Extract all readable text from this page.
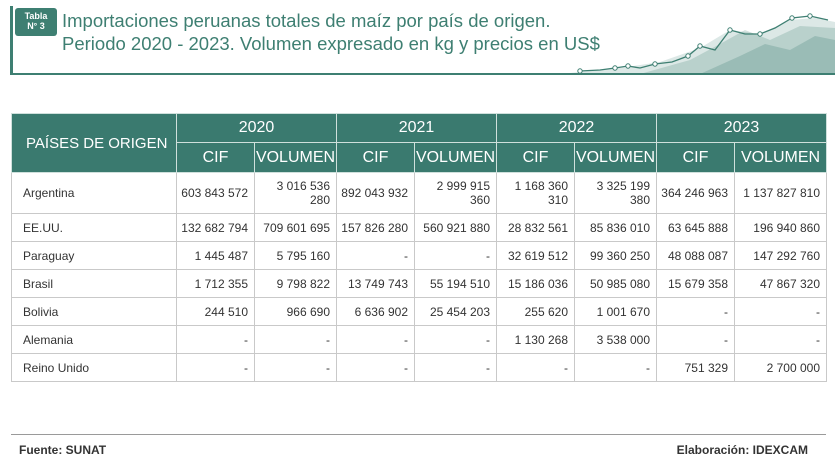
Tabla
N° 3 Importaciones peruanas totales de maíz por país de origen.
Periodo 2020 - 2023. Volumen expresado en kg y precios en US$
PAÍSES DE ORIGEN	2020		2021		2022		2023	
	CIF	VOLUMEN	CIF	VOLUMEN	CIF	VOLUMEN	CIF	VOLUMEN
Argentina	603 843 572	3 016 536 280	892 043 932	2 999 915 360	1 168 360 310	3 325 199 380	364 246 963	1 137 827 810
EE.UU.	132 682 794	709 601 695	157 826 280	560 921 880	28 832 561	85 836 010	63 645 888	196 940 860
Paraguay	1 445 487	5 795 160	-	-	32 619 512	99 360 250	48 088 087	147 292 760
Brasil	1 712 355	9 798 822	13 749 743	55 194 510	15 186 036	50 985 080	15 679 358	47 867 320
Bolivia	244 510	966 690	6 636 902	25 454 203	255 620	1 001 670	-	-
Alemania	-	-	-	-	1 130 268	3 538 000	-	-
Reino Unido	-	-	-	-	-	-	751 329	2 700 000
Fuente: SUNAT	Elaboración: IDEXCAM
